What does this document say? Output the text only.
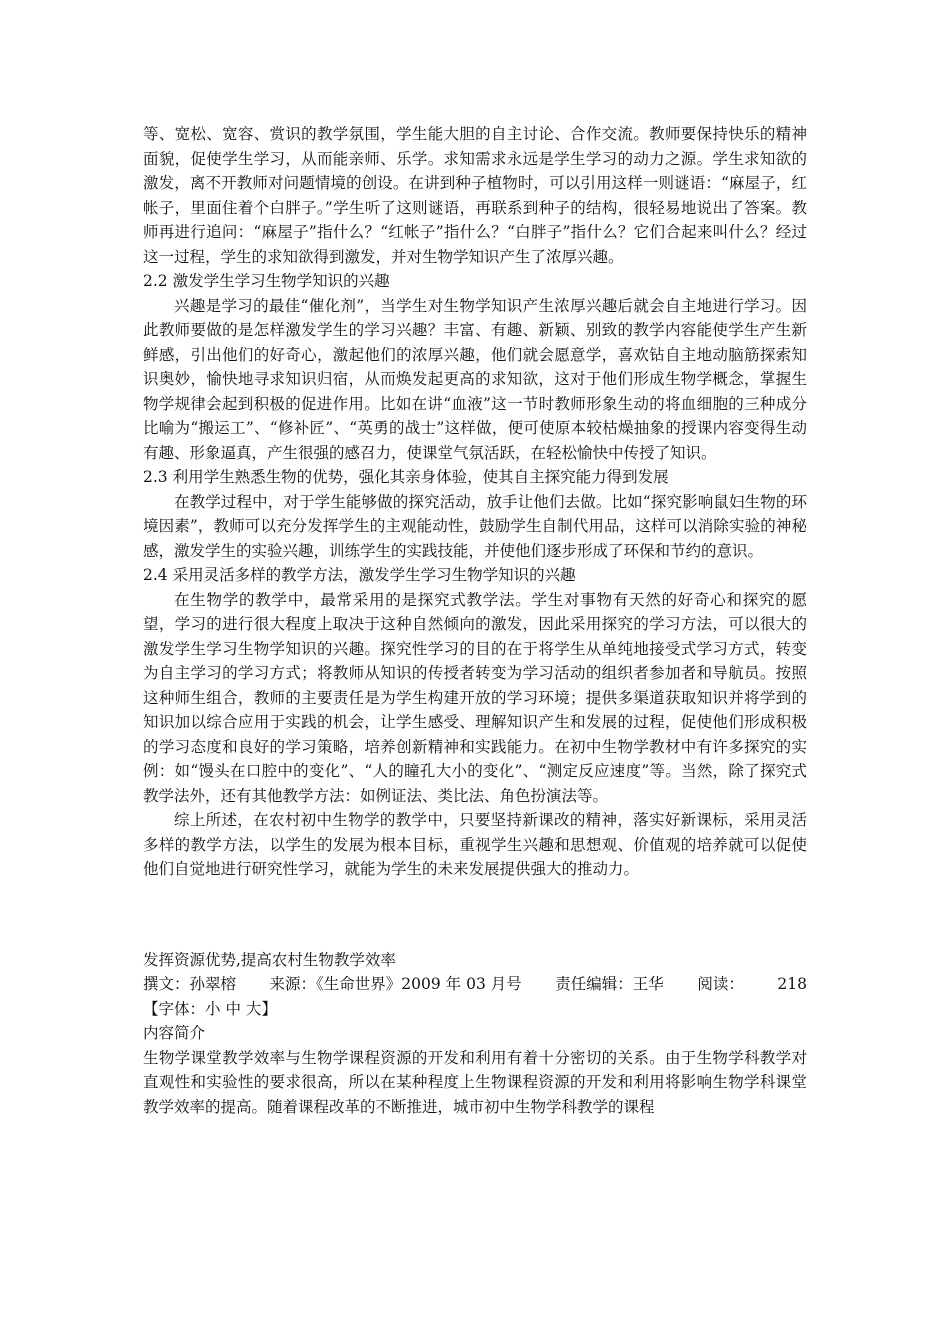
等、宽松、宽容、赏识的教学氛围，学生能大胆的自主讨论、合作交流。教师要保持快乐的精神面貌，促使学生学习，从而能亲师、乐学。求知需求永远是学生学习的动力之源。学生求知欲的激发，离不开教师对问题情境的创设。在讲到种子植物时，可以引用这样一则谜语：“麻屋子，红帐子，里面住着个白胖子。”学生听了这则谜语，再联系到种子的结构，很轻易地说出了答案。教师再进行追问：“麻屋子”指什么？“红帐子”指什么？“白胖子”指什么？它们合起来叫什么？经过这一过程，学生的求知欲得到激发，并对生物学知识产生了浓厚兴趣。

2.2 激发学生学习生物学知识的兴趣

兴趣是学习的最佳“催化剂”，当学生对生物学知识产生浓厚兴趣后就会自主地进行学习。因此教师要做的是怎样激发学生的学习兴趣？丰富、有趣、新颖、别致的教学内容能使学生产生新鲜感，引出他们的好奇心，激起他们的浓厚兴趣，他们就会愿意学，喜欢钻自主地动脑筋探索知识奥妙，愉快地寻求知识归宿，从而焕发起更高的求知欲，这对于他们形成生物学概念，掌握生物学规律会起到积极的促进作用。比如在讲“血液”这一节时教师形象生动的将血细胞的三种成分比喻为“搬运工”、“修补匠”、“英勇的战士”这样做，便可使原本较枯燥抽象的授课内容变得生动有趣、形象逼真，产生很强的感召力，使课堂气氛活跃，在轻松愉快中传授了知识。

2.3 利用学生熟悉生物的优势，强化其亲身体验，使其自主探究能力得到发展

在教学过程中，对于学生能够做的探究活动，放手让他们去做。比如“探究影响鼠妇生物的环境因素”，教师可以充分发挥学生的主观能动性，鼓励学生自制代用品，这样可以消除实验的神秘感，激发学生的实验兴趣，训练学生的实践技能，并使他们逐步形成了环保和节约的意识。

2.4 采用灵活多样的教学方法，激发学生学习生物学知识的兴趣

在生物学的教学中，最常采用的是探究式教学法。学生对事物有天然的好奇心和探究的愿望，学习的进行很大程度上取决于这种自然倾向的激发，因此采用探究的学习方法，可以很大的激发学生学习生物学知识的兴趣。探究性学习的目的在于将学生从单纯地接受式学习方式，转变为自主学习的学习方式；将教师从知识的传授者转变为学习活动的组织者参加者和导航员。按照这种师生组合，教师的主要责任是为学生构建开放的学习环境；提供多渠道获取知识并将学到的知识加以综合应用于实践的机会，让学生感受、理解知识产生和发展的过程，促使他们形成积极的学习态度和良好的学习策略，培养创新精神和实践能力。在初中生物学教材中有许多探究的实例：如“馒头在口腔中的变化”、“人的瞳孔大小的变化”、“测定反应速度”等。当然，除了探究式教学法外，还有其他教学方法：如例证法、类比法、角色扮演法等。

综上所述，在农村初中生物学的教学中，只要坚持新课改的精神，落实好新课标，采用灵活多样的教学方法，以学生的发展为根本目标，重视学生兴趣和思想观、价值观的培养就可以促使他们自觉地进行研究性学习，就能为学生的未来发展提供强大的推动力。

发挥资源优势,提高农村生物教学效率

撰文：孙翠榕 来源：《生命世界》2009 年 03 月号 责任编辑：王华 阅读： 218

【字体：小 中 大】

内容简介

生物学课堂教学效率与生物学课程资源的开发和利用有着十分密切的关系。由于生物学科教学对直观性和实验性的要求很高，所以在某种程度上生物课程资源的开发和利用将影响生物学科课堂教学效率的提高。随着课程改革的不断推进，城市初中生物学科教学的课程
